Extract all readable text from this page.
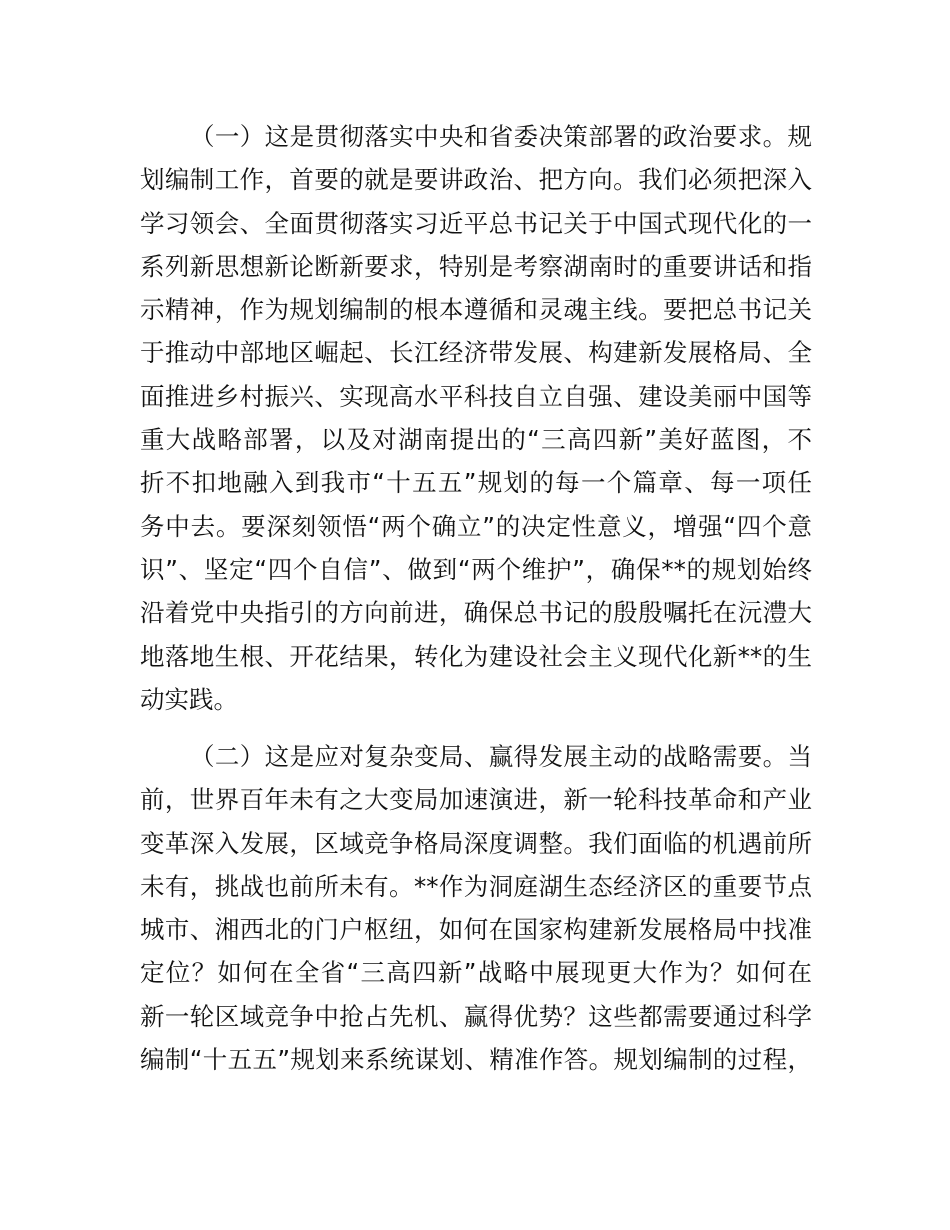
（一）这是贯彻落实中央和省委决策部署的政治要求。规
划编制工作，首要的就是要讲政治、把方向。我们必须把深入
学习领会、全面贯彻落实习近平总书记关于中国式现代化的一
系列新思想新论断新要求，特别是考察湖南时的重要讲话和指
示精神，作为规划编制的根本遵循和灵魂主线。要把总书记关
于推动中部地区崛起、长江经济带发展、构建新发展格局、全
面推进乡村振兴、实现高水平科技自立自强、建设美丽中国等
重大战略部署，以及对湖南提出的“三高四新”美好蓝图，不
折不扣地融入到我市“十五五”规划的每一个篇章、每一项任
务中去。要深刻领悟“两个确立”的决定性意义，增强“四个意
识”、坚定“四个自信”、做到“两个维护”，确保**的规划始终
沿着党中央指引的方向前进，确保总书记的殷殷嘱托在沅澧大
地落地生根、开花结果，转化为建设社会主义现代化新**的生
动实践。
（二）这是应对复杂变局、赢得发展主动的战略需要。当
前，世界百年未有之大变局加速演进，新一轮科技革命和产业
变革深入发展，区域竞争格局深度调整。我们面临的机遇前所
未有，挑战也前所未有。**作为洞庭湖生态经济区的重要节点
城市、湘西北的门户枢纽，如何在国家构建新发展格局中找准
定位？如何在全省“三高四新”战略中展现更大作为？如何在
新一轮区域竞争中抢占先机、赢得优势？这些都需要通过科学
编制“十五五”规划来系统谋划、精准作答。规划编制的过程，
